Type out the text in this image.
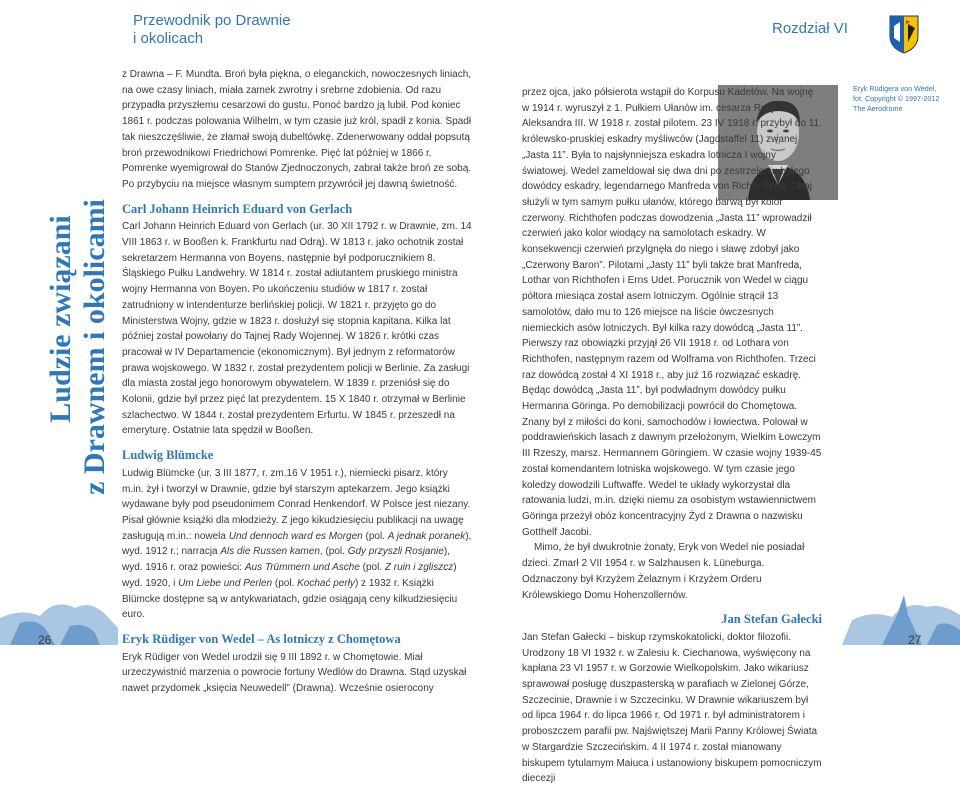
Przewodnik po Drawnie
i okolicach
Rozdział VI
Ludzie związani z Drawnem i okolicami

z Drawna – F. Mundta. Broń była piękna, o eleganckich, nowoczesnych liniach, na owe czasy liniach, miała zamek zwrotny i srebrne zdobienia. Od razu przypadła przyszłemu cesarzowi do gustu. Ponoć bardzo ją lubił. Pod koniec 1861 r. podczas polowania Wilhelm, w tym czasie już król, spadł z konia. Spadł tak nieszczęśliwie, że złamał swoją dubeltówkę. Zdenerwowany oddał popsutą broń przewodnikowi Friedrichowi Pomrenke. Pięć lat później w 1866 r. Pomrenke wyemigrował do Stanów Zjednoczonych, zabrał także broń ze sobą. Po przybyciu na miejsce własnym sumptem przywrócił jej dawną świetność.

Carl Johann Heinrich Eduard von Gerlach

Carl Johann Heinrich Eduard von Gerlach (ur. 30 XII 1792 r. w Drawnie, zm. 14 VIII 1863 r. w Booßen k. Frankfurtu nad Odrą). W 1813 r. jako ochotnik został sekretarzem Hermanna von Boyens, następnie był podporucznikiem 8. Śląskiego Pułku Landwehry. W 1814 r. został adiutantem pruskiego ministra wojny Hermanna von Boyen. Po ukończeniu studiów w 1817 r. został zatrudniony w intendenturze berlińskiej policji. W 1821 r. przyjęto go do Ministerstwa Wojny, gdzie w 1823 r. dosłużył się stopnia kapitana. Kilka lat później został powołany do Tajnej Rady Wojennej. W 1826 r. krótki czas pracował w IV Departamencie (ekonomicznym). Był jednym z reformatorów prawa wojskowego. W 1832 r. został prezydentem policji w Berlinie. Za zasługi dla miasta został jego honorowym obywatelem. W 1839 r. przeniósł się do Kolonii, gdzie był przez pięć lat prezydentem. 15 X 1840 r. otrzymał w Berlinie szlachectwo. W 1844 r. został prezydentem Erfurtu. W 1845 r. przeszedł na emeryturę. Ostatnie lata spędził w Booßen.

Ludwig Blümcke

Ludwig Blümcke (ur. 3 III 1877, r. zm.16 V 1951 r.), niemiecki pisarz, który m.in. żył i tworzył w Drawnie, gdzie był starszym aptekarzem. Jego książki wydawane były pod pseudonimem Conrad Henkendorf. W Polsce jest niezany. Pisał głównie książki dla młodzieży. Z jego kikudziesięciu publikacji na uwagę zasługują m.in.: nowela Und dennoch ward es Morgen (pol. A jednak poranek), wyd. 1912 r.; narracja Als die Russen kamen, (pol. Gdy przyszli Rosjanie), wyd. 1916 r. oraz powieści: Aus Trümmern und Asche (pol. Z ruin i zgliszcz) wyd. 1920, i Um Liebe und Perlen (pol. Kochać perły) z 1932 r. Książki Blümcke dostępne są w antykwariatach, gdzie osiągają ceny kilkudziesięciu euro.

Eryk Rüdiger von Wedel – As lotniczy z Chomętowa

Eryk Rüdiger von Wedel urodził się 9 III 1892 r. w Chomętowie. Miał urzeczywistnić marzenia o powrocie fortuny Wedlów do Drawna. Stąd uzyskał nawet przydomek „księcia Neuwedell” (Drawna). Wcześnie osierocony

Eryk Rüdigera von Wedel,
fot. Copyright © 1997-2012 The Aerodrome

przez ojca, jako półsierota wstąpił do Korpusu Kadetów. Na wojnę w 1914 r. wyruszył z 1. Pułkiem Ułanów im. cesarza Rosji Aleksandra III. W 1918 r. został pilotem. 23 IV 1918 r. przybył do 11. królewsko-pruskiej eskadry myśliwców (Jagdstaffel 11) zwanej „Jasta 11”. Była to najsłynniejsza eskadra lotnicza I wojny światowej. Wedel zameldował się dwa dni po zestrzeleniu byłego dowódcy eskadry, legendarnego Manfreda von Richthofena. Obaj służyli w tym samym pułku ułanów, którego barwą był kolor czerwony. Richthofen podczas dowodzenia „Jasta 11” wprowadził czerwień jako kolor wiodący na samolotach eskadry. W konsekwencji czerwień przylgnęła do niego i sławę zdobył jako „Czerwony Baron”. Pilotami „Jasty 11” byli także brat Manfreda, Lothar von Richthofen i Erns Udet. Porucznik von Wedel w ciągu półtora miesiąca został asem lotniczym. Ogólnie strącił 13 samolotów, dało mu to 126 miejsce na liście ówczesnych niemieckich asów lotniczych. Był kilka razy dowódcą „Jasta 11”. Pierwszy raz obowiązki przyjął 26 VII 1918 r. od Lothara von Richthofen, następnym razem od Wolframa von Richthofen. Trzeci raz dowódcą został 4 XI 1918 r., aby już 16 rozwiązać eskadrę. Będąc dowódcą „Jasta 11”, był podwładnym dowódcy pułku Hermanna Göringa. Po demobilizacji powrócił do Chomętowa. Znany był z miłości do koni, samochodów i łowiectwa. Polował w poddrawieńskich lasach z dawnym przełożonym, Wielkim Łowczym III Rzeszy, marsz. Hermannem Göringiem. W czasie wojny 1939-45 został komendantem lotniska wojskowego. W tym czasie jego koledzy dowodzili Luftwaffe. Wedel te układy wykorzystał dla ratowania ludzi, m.in. dzięki niemu za osobistym wstawiennictwem Göringa przeżył obóz koncentracyjny Żyd z Drawna o nazwisku Gotthelf Jacobi.

Mimo, że był dwukrotnie żonaty, Eryk von Wedel nie posiadał dzieci. Zmarł 2 VII 1954 r. w Salzhausen k. Lüneburga. Odznaczony był Krzyżem Żelaznym i Krzyżem Orderu Królewskiego Domu Hohenzollernów.

Jan Stefan Gałecki

Jan Stefan Gałecki – biskup rzymskokatolicki, doktor filozofii. Urodzony 18 VI 1932 r. w Zalesiu k. Ciechanowa, wyświęcony na kapłana 23 VI 1957 r. w Gorzowie Wielkopolskim. Jako wikariusz sprawował posługę duszpasterską w parafiach w Zielonej Górze, Szczecinie, Drawnie i w Szczecinku. W Drawnie wikariuszem był od lipca 1964 r. do lipca 1966 r. Od 1971 r. był administratorem i proboszczem parafii pw. Najświętszej Marii Panny Królowej Świata w Stargardzie Szczecińskim. 4 II 1974 r. został mianowany biskupem tytularnym Maiuca i ustanowiony biskupem pomocniczym diecezji

26	27
